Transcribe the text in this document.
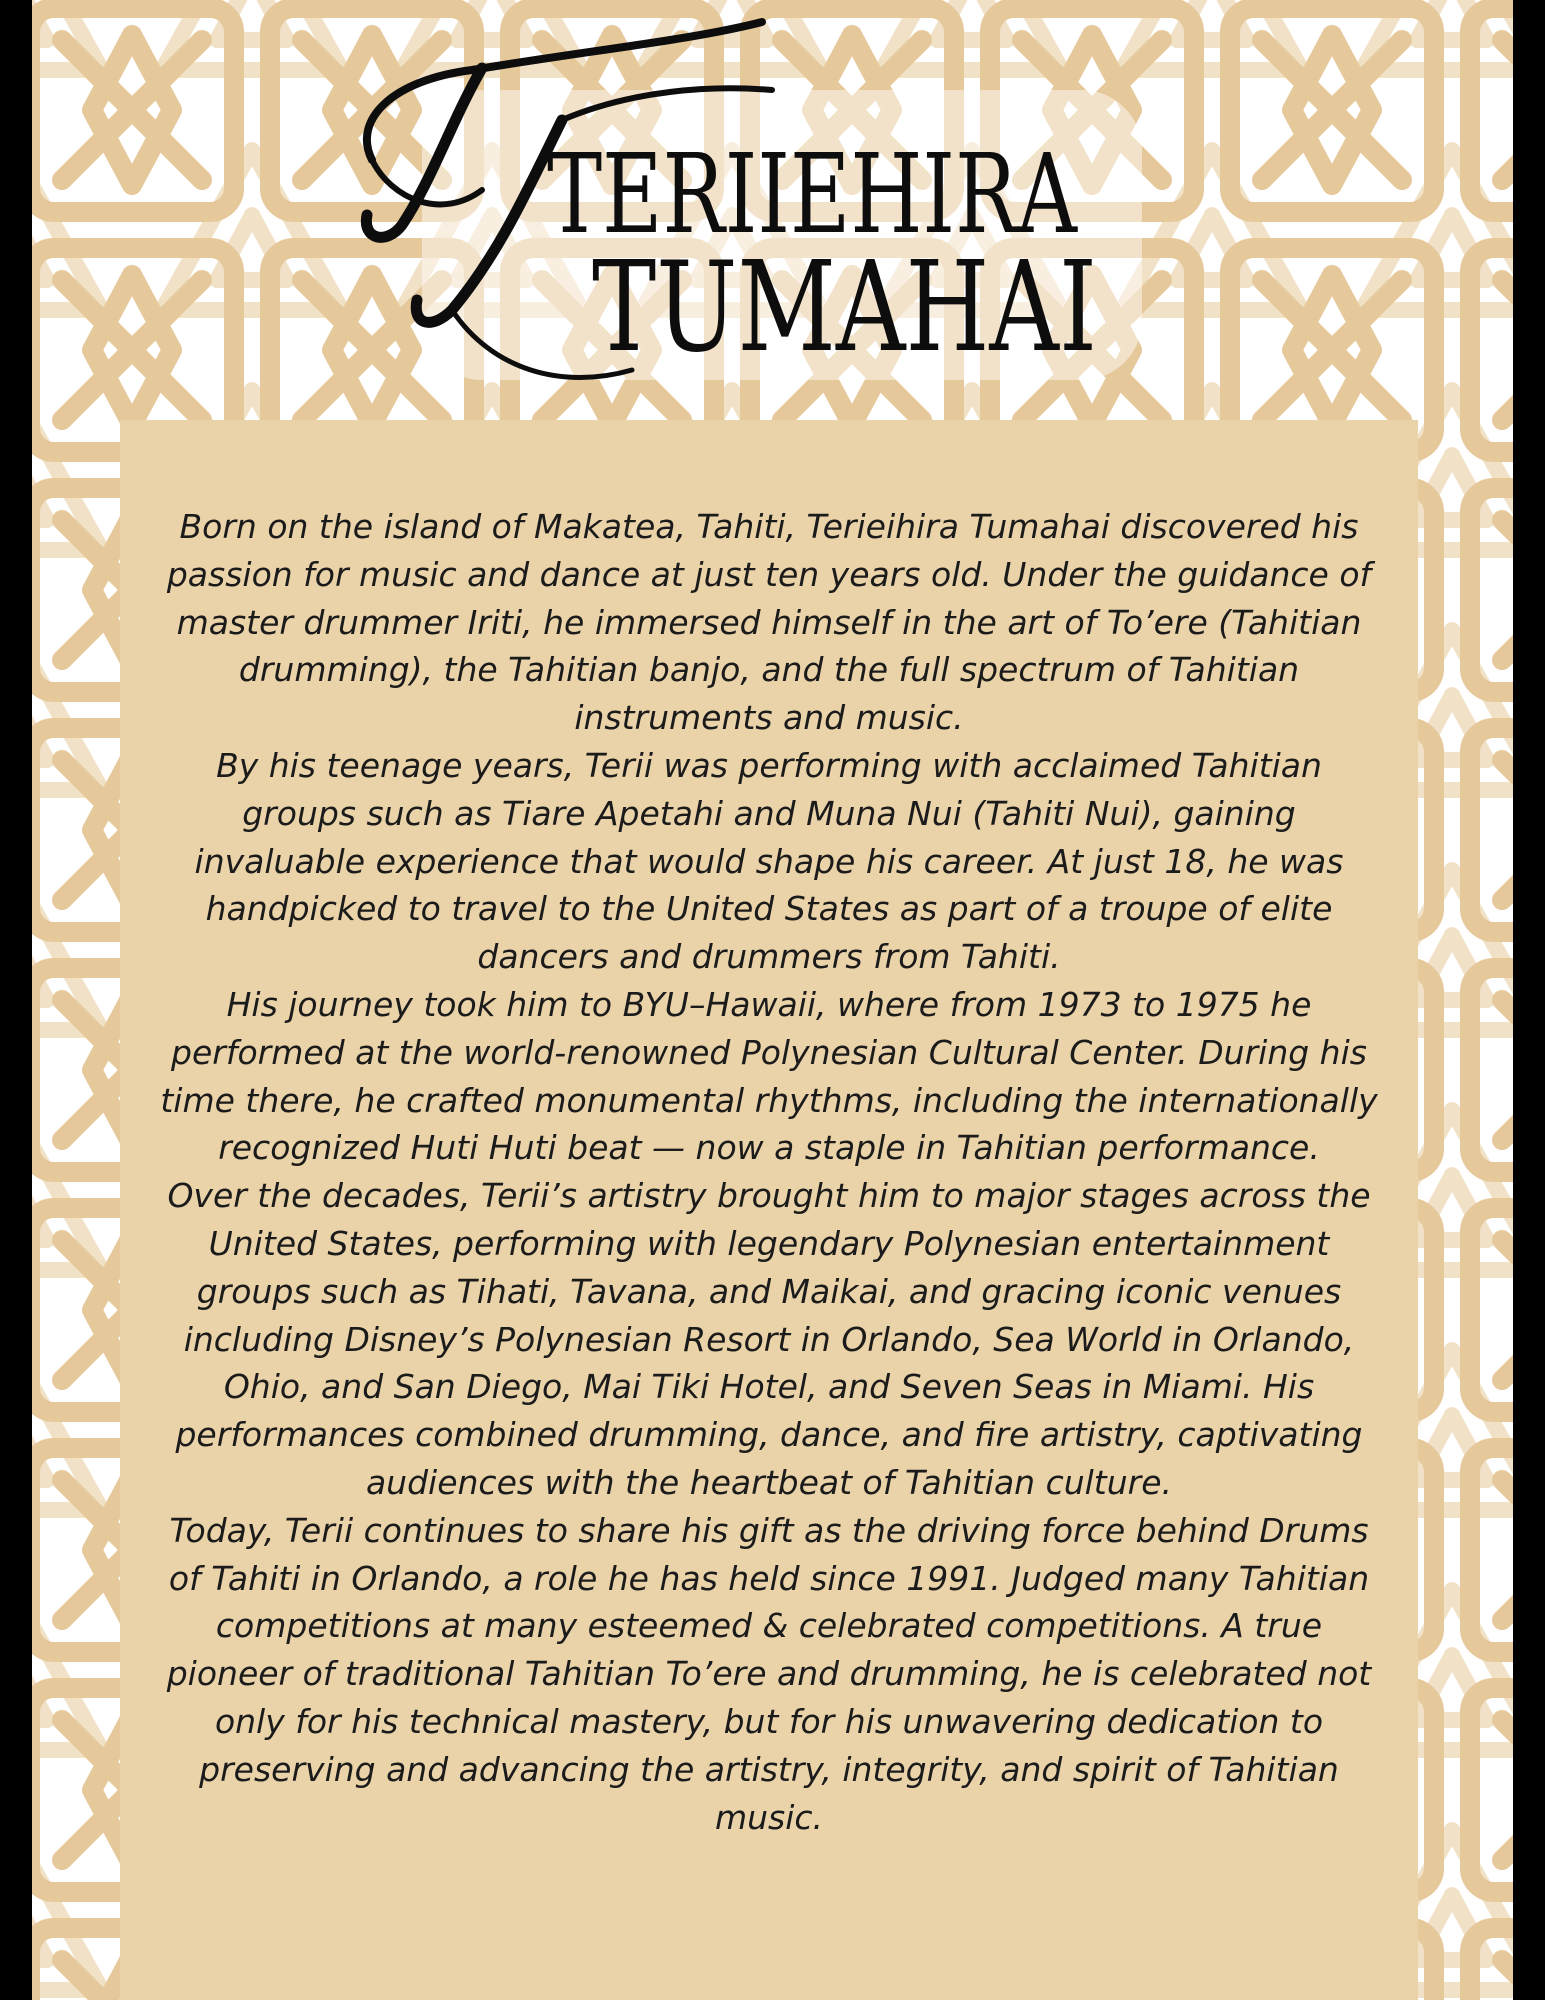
TERIIEHIRA
TUMAHAI

Born on the island of Makatea, Tahiti, Terieihira Tumahai discovered his passion for music and dance at just ten years old. Under the guidance of master drummer Iriti, he immersed himself in the art of To’ere (Tahitian drumming), the Tahitian banjo, and the full spectrum of Tahitian instruments and music.

By his teenage years, Terii was performing with acclaimed Tahitian groups such as Tiare Apetahi and Muna Nui (Tahiti Nui), gaining invaluable experience that would shape his career. At just 18, he was handpicked to travel to the United States as part of a troupe of elite dancers and drummers from Tahiti.

His journey took him to BYU–Hawaii, where from 1973 to 1975 he performed at the world-renowned Polynesian Cultural Center. During his time there, he crafted monumental rhythms, including the internationally recognized Huti Huti beat — now a staple in Tahitian performance.

Over the decades, Terii’s artistry brought him to major stages across the United States, performing with legendary Polynesian entertainment groups such as Tihati, Tavana, and Maikai, and gracing iconic venues including Disney’s Polynesian Resort in Orlando, Sea World in Orlando, Ohio, and San Diego, Mai Tiki Hotel, and Seven Seas in Miami. His performances combined drumming, dance, and fire artistry, captivating audiences with the heartbeat of Tahitian culture.

Today, Terii continues to share his gift as the driving force behind Drums of Tahiti in Orlando, a role he has held since 1991. Judged many Tahitian competitions at many esteemed & celebrated competitions. A true pioneer of traditional Tahitian To’ere and drumming, he is celebrated not only for his technical mastery, but for his unwavering dedication to preserving and advancing the artistry, integrity, and spirit of Tahitian music.
